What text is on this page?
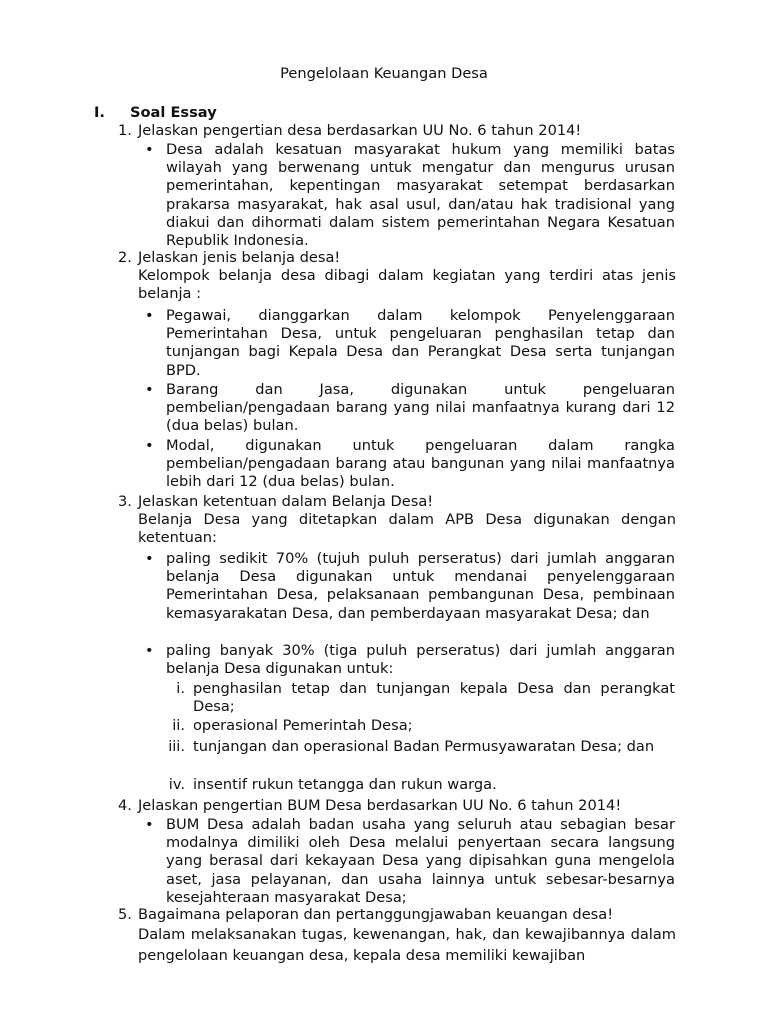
Pengelolaan Keuangan Desa
I. Soal Essay
1. Jelaskan pengertian desa berdasarkan UU No. 6 tahun 2014!
• Desa adalah kesatuan masyarakat hukum yang memiliki batas wilayah yang berwenang untuk mengatur dan mengurus urusan pemerintahan, kepentingan masyarakat setempat berdasarkan prakarsa masyarakat, hak asal usul, dan/atau hak tradisional yang diakui dan dihormati dalam sistem pemerintahan Negara Kesatuan Republik Indonesia.
2. Jelaskan jenis belanja desa!
Kelompok belanja desa dibagi dalam kegiatan yang terdiri atas jenis belanja :
• Pegawai, dianggarkan dalam kelompok Penyelenggaraan Pemerintahan Desa, untuk pengeluaran penghasilan tetap dan tunjangan bagi Kepala Desa dan Perangkat Desa serta tunjangan BPD.
• Barang dan Jasa, digunakan untuk pengeluaran pembelian/pengadaan barang yang nilai manfaatnya kurang dari 12 (dua belas) bulan.
• Modal, digunakan untuk pengeluaran dalam rangka pembelian/pengadaan barang atau bangunan yang nilai manfaatnya lebih dari 12 (dua belas) bulan.
3. Jelaskan ketentuan dalam Belanja Desa!
Belanja Desa yang ditetapkan dalam APB Desa digunakan dengan ketentuan:
• paling sedikit 70% (tujuh puluh perseratus) dari jumlah anggaran belanja Desa digunakan untuk mendanai penyelenggaraan Pemerintahan Desa, pelaksanaan pembangunan Desa, pembinaan kemasyarakatan Desa, dan pemberdayaan masyarakat Desa; dan
• paling banyak 30% (tiga puluh perseratus) dari jumlah anggaran belanja Desa digunakan untuk:
i. penghasilan tetap dan tunjangan kepala Desa dan perangkat Desa;
ii. operasional Pemerintah Desa;
iii. tunjangan dan operasional Badan Permusyawaratan Desa; dan
iv. insentif rukun tetangga dan rukun warga.
4. Jelaskan pengertian BUM Desa berdasarkan UU No. 6 tahun 2014!
• BUM Desa adalah badan usaha yang seluruh atau sebagian besar modalnya dimiliki oleh Desa melalui penyertaan secara langsung yang berasal dari kekayaan Desa yang dipisahkan guna mengelola aset, jasa pelayanan, dan usaha lainnya untuk sebesar-besarnya kesejahteraan masyarakat Desa;
5. Bagaimana pelaporan dan pertanggungjawaban keuangan desa!
Dalam melaksanakan tugas, kewenangan, hak, dan kewajibannya dalam pengelolaan keuangan desa, kepala desa memiliki kewajiban
